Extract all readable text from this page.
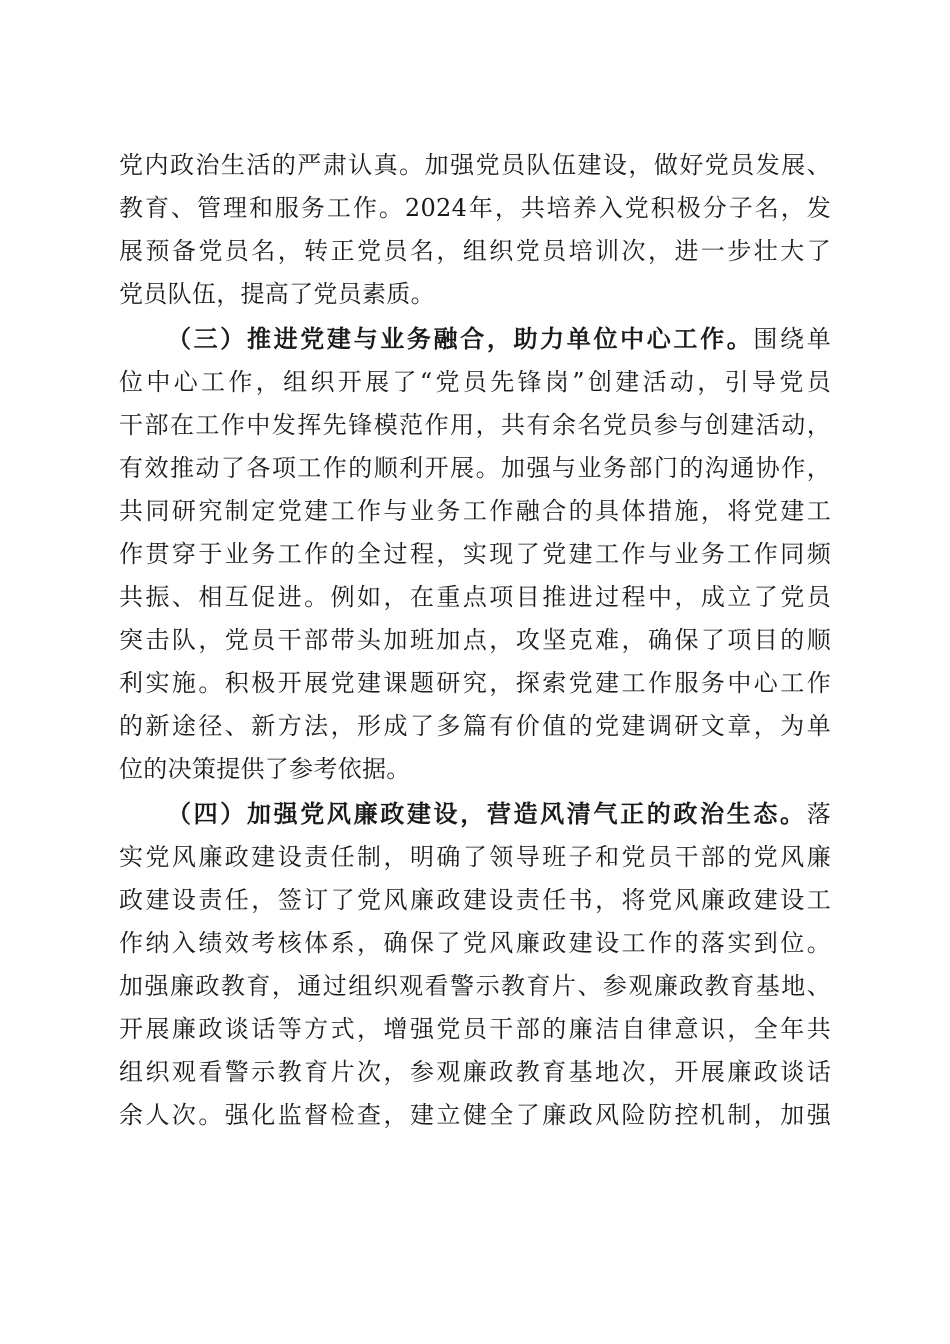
党内政治生活的严肃认真。加强党员队伍建设，做好党员发展、
教育、管理和服务工作。2024年，共培养入党积极分子名，发
展预备党员名，转正党员名，组织党员培训次，进一步壮大了
党员队伍，提高了党员素质。
（三）推进党建与业务融合，助力单位中心工作。围绕单
位中心工作，组织开展了“党员先锋岗”创建活动，引导党员
干部在工作中发挥先锋模范作用，共有余名党员参与创建活动，
有效推动了各项工作的顺利开展。加强与业务部门的沟通协作，
共同研究制定党建工作与业务工作融合的具体措施，将党建工
作贯穿于业务工作的全过程，实现了党建工作与业务工作同频
共振、相互促进。例如，在重点项目推进过程中，成立了党员
突击队，党员干部带头加班加点，攻坚克难，确保了项目的顺
利实施。积极开展党建课题研究，探索党建工作服务中心工作
的新途径、新方法，形成了多篇有价值的党建调研文章，为单
位的决策提供了参考依据。
（四）加强党风廉政建设，营造风清气正的政治生态。落
实党风廉政建设责任制，明确了领导班子和党员干部的党风廉
政建设责任，签订了党风廉政建设责任书，将党风廉政建设工
作纳入绩效考核体系，确保了党风廉政建设工作的落实到位。
加强廉政教育，通过组织观看警示教育片、参观廉政教育基地、
开展廉政谈话等方式，增强党员干部的廉洁自律意识，全年共
组织观看警示教育片次，参观廉政教育基地次，开展廉政谈话
余人次。强化监督检查，建立健全了廉政风险防控机制，加强
